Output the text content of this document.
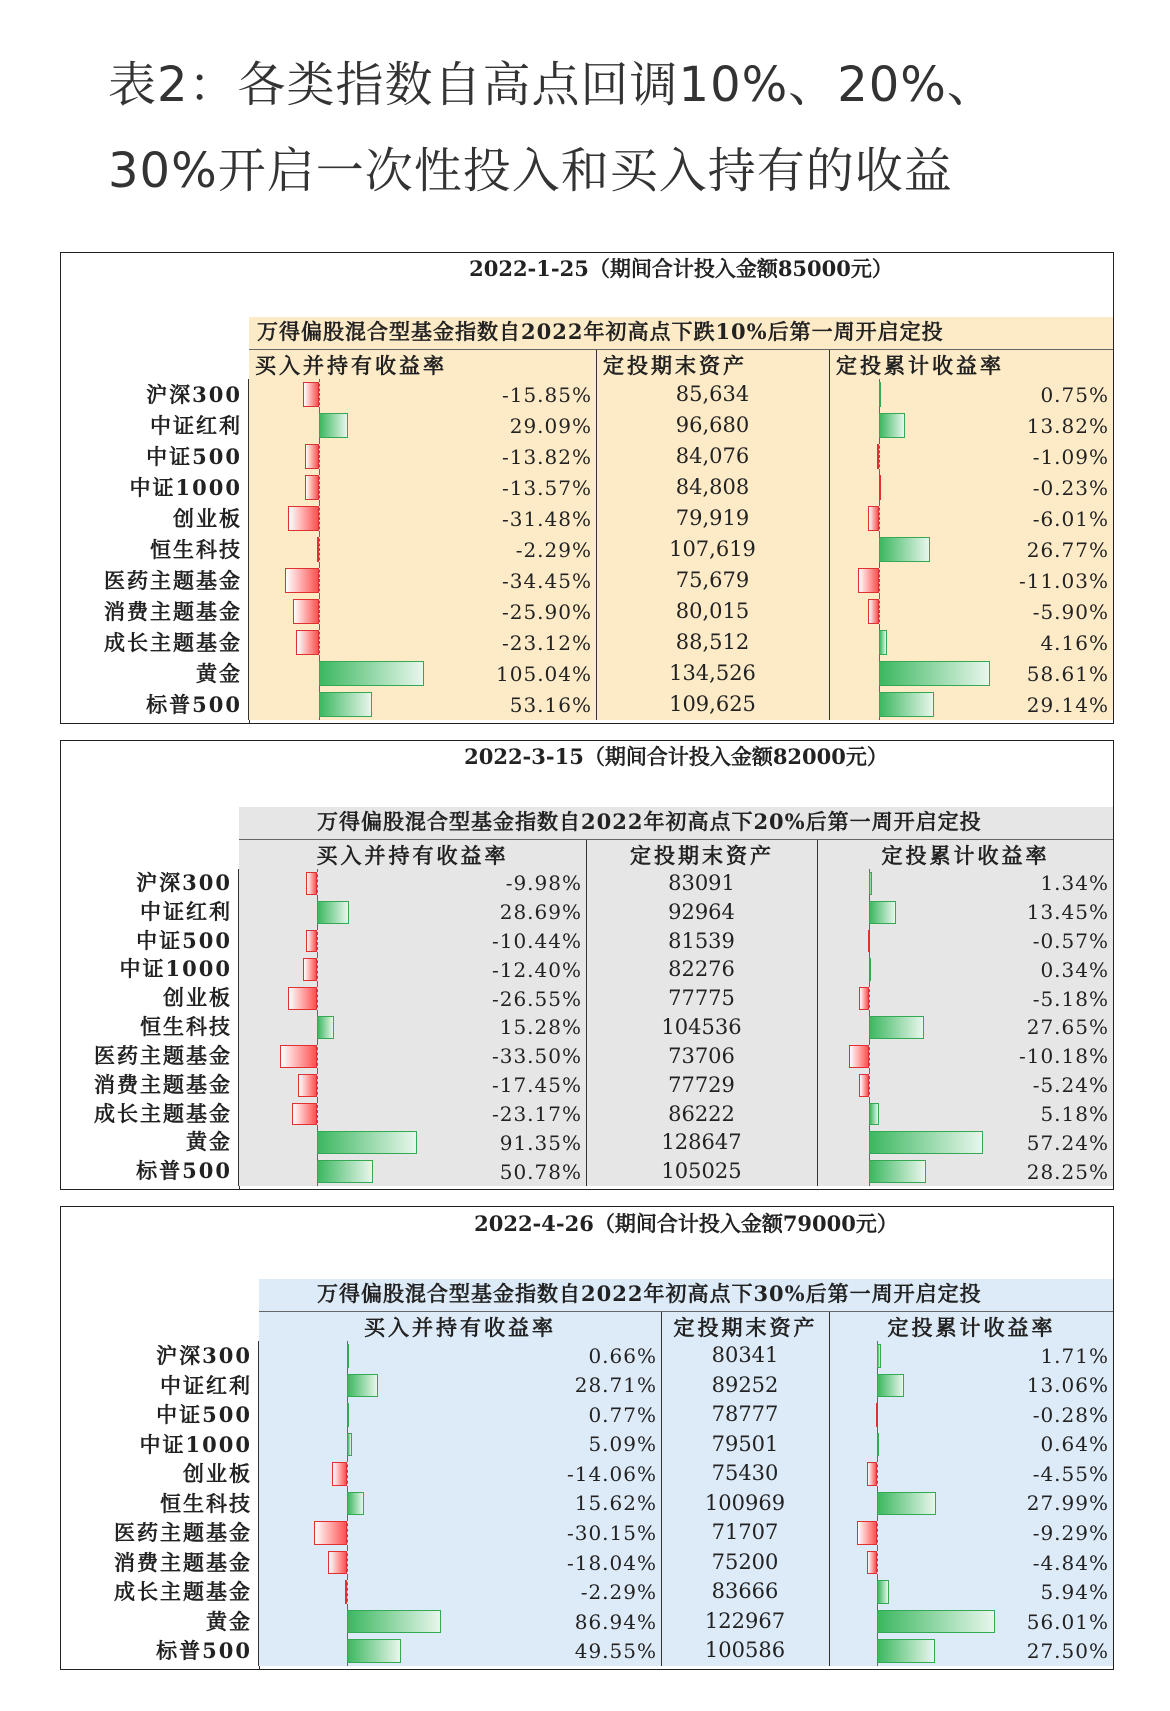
表2：各类指数自高点回调10%、20%、
30%开启一次性投入和买入持有的收益
2022-1-25（期间合计投入金额85000元）
万得偏股混合型基金指数自2022年初高点下跌10%后第一周开启定投
买入并持有收益率	定投期末资产	定投累计收益率
沪深300	-15.85%	85,634	0.75%
中证红利	29.09%	96,680	13.82%
中证500	-13.82%	84,076	-1.09%
中证1000	-13.57%	84,808	-0.23%
创业板	-31.48%	79,919	-6.01%
恒生科技	-2.29%	107,619	26.77%
医药主题基金	-34.45%	75,679	-11.03%
消费主题基金	-25.90%	80,015	-5.90%
成长主题基金	-23.12%	88,512	4.16%
黄金	105.04%	134,526	58.61%
标普500	53.16%	109,625	29.14%
2022-3-15（期间合计投入金额82000元）
万得偏股混合型基金指数自2022年初高点下20%后第一周开启定投
买入并持有收益率	定投期末资产	定投累计收益率
沪深300	-9.98%	83091	1.34%
中证红利	28.69%	92964	13.45%
中证500	-10.44%	81539	-0.57%
中证1000	-12.40%	82276	0.34%
创业板	-26.55%	77775	-5.18%
恒生科技	15.28%	104536	27.65%
医药主题基金	-33.50%	73706	-10.18%
消费主题基金	-17.45%	77729	-5.24%
成长主题基金	-23.17%	86222	5.18%
黄金	91.35%	128647	57.24%
标普500	50.78%	105025	28.25%
2022-4-26（期间合计投入金额79000元）
万得偏股混合型基金指数自2022年初高点下30%后第一周开启定投
买入并持有收益率	定投期末资产	定投累计收益率
沪深300	0.66%	80341	1.71%
中证红利	28.71%	89252	13.06%
中证500	0.77%	78777	-0.28%
中证1000	5.09%	79501	0.64%
创业板	-14.06%	75430	-4.55%
恒生科技	15.62%	100969	27.99%
医药主题基金	-30.15%	71707	-9.29%
消费主题基金	-18.04%	75200	-4.84%
成长主题基金	-2.29%	83666	5.94%
黄金	86.94%	122967	56.01%
标普500	49.55%	100586	27.50%
